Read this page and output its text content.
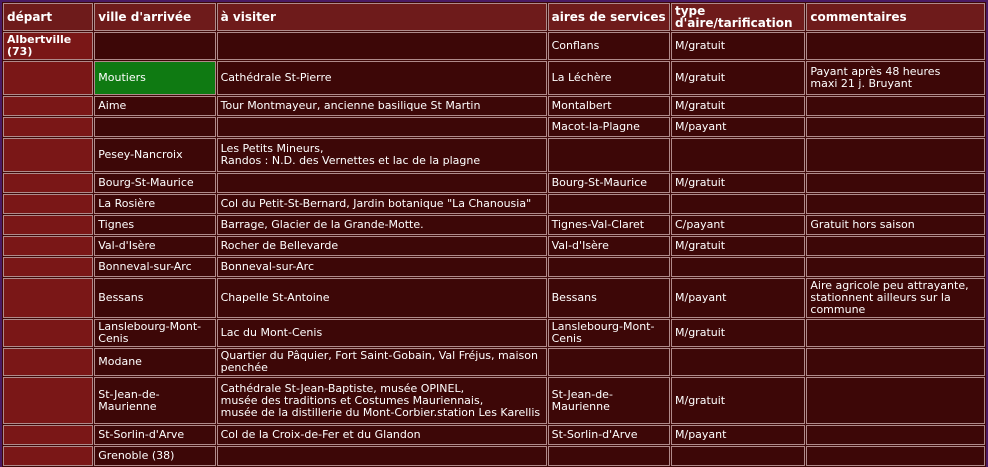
départ	ville d'arrivée	à visiter	aires de services	type d'aire/tarification	commentaires
Albertville (73)			Conflans	M/gratuit	
	Moutiers	Cathédrale St-Pierre	La Léchère	M/gratuit	Payant après 48 heures
maxi 21 j. Bruyant
	Aime	Tour Montmayeur, ancienne basilique St Martin	Montalbert	M/gratuit	
			Macot-la-Plagne	M/payant	
	Pesey-Nancroix	Les Petits Mineurs,
Randos : N.D. des Vernettes et lac de la plagne			
	Bourg-St-Maurice		Bourg-St-Maurice	M/gratuit	
	La Rosière	Col du Petit-St-Bernard, Jardin botanique "La Chanousia"			
	Tignes	Barrage, Glacier de la Grande-Motte.	Tignes-Val-Claret	C/payant	Gratuit hors saison
	Val-d'Isère	Rocher de Bellevarde	Val-d'Isère	M/gratuit	
	Bonneval-sur-Arc	Bonneval-sur-Arc			
	Bessans	Chapelle St-Antoine	Bessans	M/payant	Aire agricole peu attrayante,
stationnent ailleurs sur la commune
	Lanslebourg-Mont-Cenis	Lac du Mont-Cenis	Lanslebourg-Mont-Cenis	M/gratuit	
	Modane	Quartier du Pâquier, Fort Saint-Gobain, Val Fréjus, maison penchée			
	St-Jean-de-Maurienne	Cathédrale St-Jean-Baptiste, musée OPINEL,
musée des traditions et Costumes Mauriennais,
musée de la distillerie du Mont-Corbier.station Les Karellis	St-Jean-de-Maurienne	M/gratuit	
	St-Sorlin-d'Arve	Col de la Croix-de-Fer et du Glandon	St-Sorlin-d'Arve	M/payant	
	Grenoble (38)				
